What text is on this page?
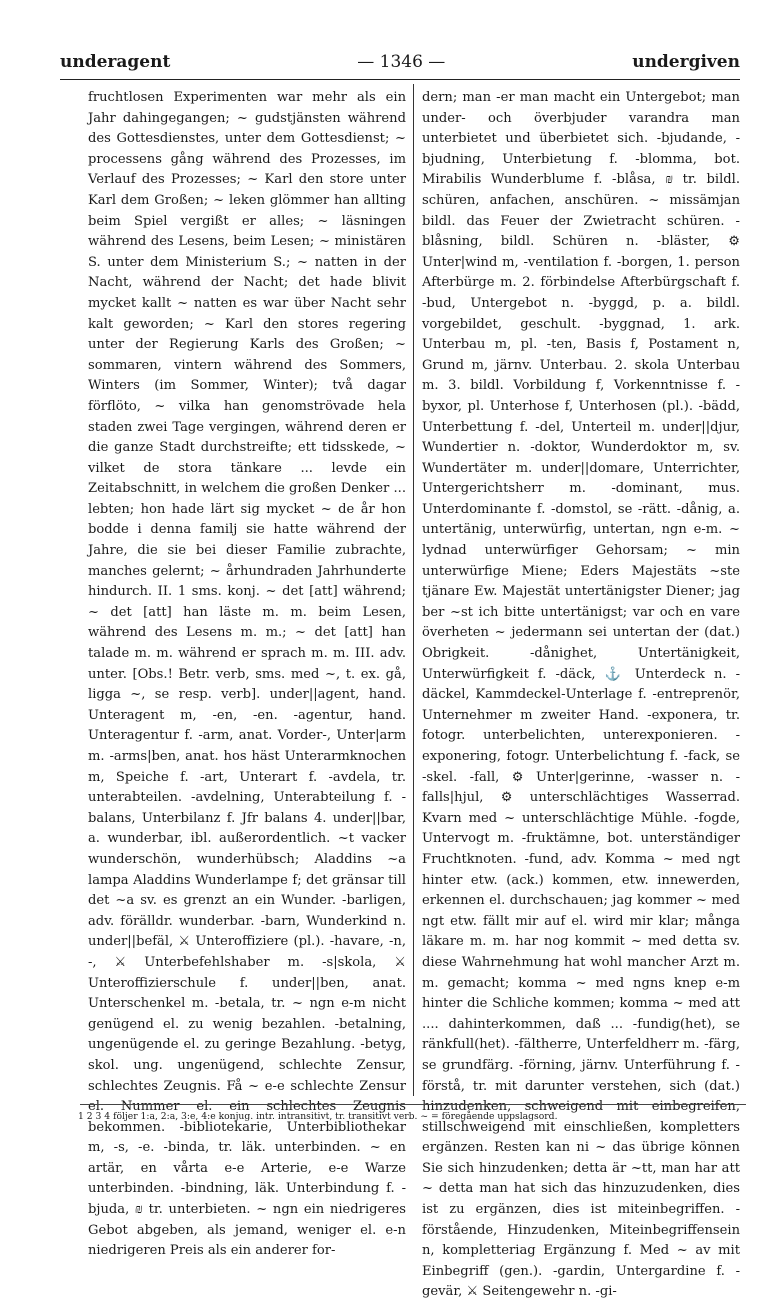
underagent	— 1346 —	undergiven

fruchtlosen Experimenten war mehr als ein Jahr dahingegangen; ~ gudstjänsten während des Gottesdienstes, unter dem Gottesdienst; ~ processens gång während des Prozesses, im Verlauf des Prozesses; ~ Karl den store unter Karl dem Großen; ~ leken glömmer han allting beim Spiel vergißt er alles; ~ läsningen während des Lesens, beim Lesen; ~ ministären S. unter dem Ministerium S.; ~ natten in der Nacht, während der Nacht; det hade blivit mycket kallt ~ natten es war über Nacht sehr kalt geworden; ~ Karl den stores regering unter der Regierung Karls des Großen; ~ sommaren, vintern während des Sommers, Winters (im Sommer, Winter); två dagar förflöto, ~ vilka han genomströvade hela staden zwei Tage vergingen, während deren er die ganze Stadt durchstreifte; ett tidsskede, ~ vilket de stora tänkare ... levde ein Zeitabschnitt, in welchem die großen Denker ... lebten; hon hade lärt sig mycket ~ de år hon bodde i denna familj sie hatte während der Jahre, die sie bei dieser Familie zubrachte, manches gelernt; ~ århundraden Jahrhunderte hindurch. II. 1 sms. konj. ~ det [att] während; ~ det [att] han läste m. m. beim Lesen, während des Lesens m. m.; ~ det [att] han talade m. m. während er sprach m. m. III. adv. unter. [Obs.! Betr. verb, sms. med ~, t. ex. gå, ligga ~, se resp. verb]. under||agent, hand. Unteragent m, -en, -en. -agentur, hand. Unteragentur f. -arm, anat. Vorder-, Unter|arm m. -arms|ben, anat. hos häst Unterarmknochen m, Speiche f. -art, Unterart f. -avdela, tr. unterabteilen. -avdelning, Unterabteilung f. -balans, Unterbilanz f. Jfr balans 4. under||bar, a. wunderbar, ibl. außerordentlich. ~t vacker wunderschön, wunderhübsch; Aladdins ~a lampa Aladdins Wunderlampe f; det gränsar till det ~a sv. es grenzt an ein Wunder. -barligen, adv. förälldr. wunderbar. -barn, Wunderkind n. under||befäl, ⚔ Unteroffiziere (pl.). -havare, -n, -, ⚔ Unterbefehlshaber m. -s|skola, ⚔ Unteroffizierschule f. under||ben, anat. Unterschenkel m. -betala, tr. ~ ngn e-m nicht genügend el. zu wenig bezahlen. -betalning, ungenügende el. zu geringe Bezahlung. -betyg, skol. ung. ungenügend, schlechte Zensur, schlechtes Zeugnis. Få ~ e-e schlechte Zensur el. Nummer el. ein schlechtes Zeugnis bekommen. -bibliotekarie, Unterbibliothekar m, -s, -e. -binda, tr. läk. unterbinden. ~ en artär, en vårta e-e Arterie, e-e Warze unterbinden. -bindning, läk. Unterbindung f. -bjuda, ₪ tr. unterbieten. ~ ngn ein niedrigeres Gebot abgeben, als jemand, weniger el. e-n niedrigeren Preis als ein anderer for-

dern; man -er man macht ein Untergebot; man under- och överbjuder varandra man unterbietet und überbietet sich. -bjudande, -bjudning, Unterbietung f. -blomma, bot. Mirabilis Wunderblume f. -blåsa, ₪ tr. bildl. schüren, anfachen, anschüren. ~ missämjan bildl. das Feuer der Zwietracht schüren. -blåsning, bildl. Schüren n. -bläster, ⚙ Unter|wind m, -ventilation f. -borgen, 1. person Afterbürge m. 2. förbindelse Afterbürgschaft f. -bud, Untergebot n. -byggd, p. a. bildl. vorgebildet, geschult. -byggnad, 1. ark. Unterbau m, pl. -ten, Basis f, Postament n, Grund m, järnv. Unterbau. 2. skola Unterbau m. 3. bildl. Vorbildung f, Vorkenntnisse f. -byxor, pl. Unterhose f, Unterhosen (pl.). -bädd, Unterbettung f. -del, Unterteil m. under||djur, Wundertier n. -doktor, Wunderdoktor m, sv. Wundertäter m. under||domare, Unterrichter, Untergerichtsherr m. -dominant, mus. Unterdominante f. -domstol, se -rätt. -dånig, a. untertänig, unterwürfig, untertan, ngn e-m. ~ lydnad unterwürfiger Gehorsam; ~ min unterwürfige Miene; Eders Majestäts ~ste tjänare Ew. Majestät untertänigster Diener; jag ber ~st ich bitte untertänigst; var och en vare överheten ~ jedermann sei untertan der (dat.) Obrigkeit. -dånighet, Untertänigkeit, Unterwürfigkeit f. -däck, ⚓ Unterdeck n. -däckel, Kammdeckel-Unterlage f. -entreprenör, Unternehmer m zweiter Hand. -exponera, tr. fotogr. unterbelichten, unterexponieren. -exponering, fotogr. Unterbelichtung f. -fack, se -skel. -fall, ⚙ Unter|gerinne, -wasser n. -falls|hjul, ⚙ unterschlächtiges Wasserrad. Kvarn med ~ unterschlächtige Mühle. -fogde, Untervogt m. -fruktämne, bot. unterständiger Fruchtknoten. -fund, adv. Komma ~ med ngt hinter etw. (ack.) kommen, etw. innewerden, erkennen el. durchschauen; jag kommer ~ med ngt etw. fällt mir auf el. wird mir klar; många läkare m. m. har nog kommit ~ med detta sv. diese Wahrnehmung hat wohl mancher Arzt m. m. gemacht; komma ~ med ngns knep e-m hinter die Schliche kommen; komma ~ med att .... dahinterkommen, daß ... -fundig(het), se ränkfull(het). -fältherre, Unterfeldherr m. -färg, se grundfärg. -förning, järnv. Unterführung f. -förstå, tr. mit darunter verstehen, sich (dat.) hinzudenken, schweigend mit einbegreifen, stillschweigend mit einschließen, kompletters ergänzen. Resten kan ni ~ das übrige können Sie sich hinzudenken; detta är ~tt, man har att ~ detta man hat sich das hinzuzudenken, dies ist zu ergänzen, dies ist miteinbegriffen. -förstående, Hinzudenken, Miteinbegriffensein n, kompletteriag Ergänzung f. Med ~ av mit Einbegriff (gen.). -gardin, Untergardine f. -gevär, ⚔ Seitengewehr n. -gi-

1 2 3 4 följer 1:a, 2:a, 3:e, 4:e konjug. intr. intransitivt, tr. transitivt verb. ~ = föregående uppslagsord.
